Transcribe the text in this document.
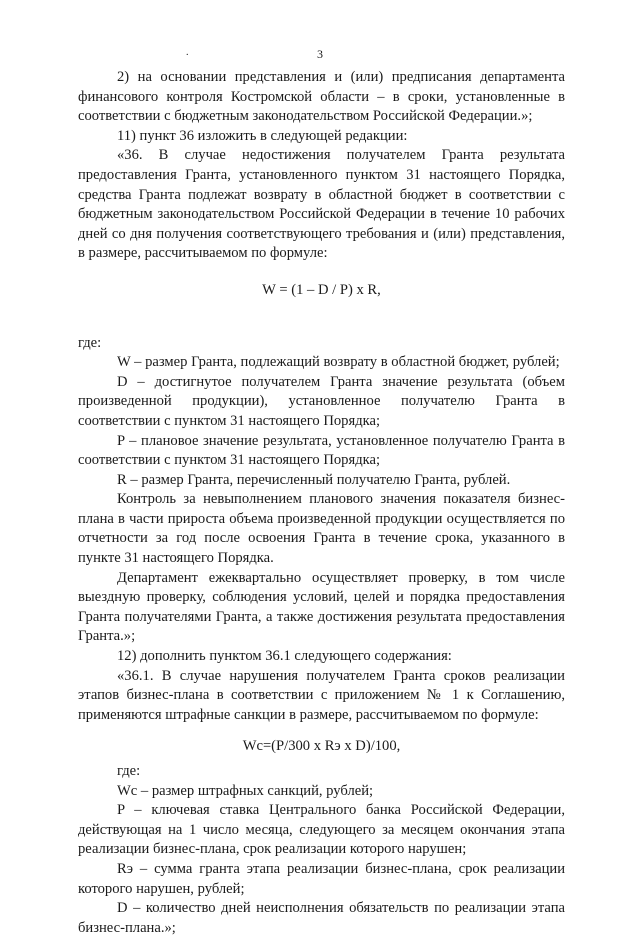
.	3

2) на основании представления и (или) предписания департамента финансового контроля Костромской области – в сроки, установленные в соответствии с бюджетным законодательством Российской Федерации.»;

11) пункт 36 изложить в следующей редакции:

«36. В случае недостижения получателем Гранта результата предоставления Гранта, установленного пунктом 31 настоящего Порядка, средства Гранта подлежат возврату в областной бюджет в соответствии с бюджетным законодательством Российской Федерации в течение 10 рабочих дней со дня получения соответствующего требования и (или) представления, в размере, рассчитываемом по формуле:

W = (1 – D / P) x R,

где:

W – размер Гранта, подлежащий возврату в областной бюджет, рублей;

D – достигнутое получателем Гранта значение результата (объем произведенной продукции), установленное получателю Гранта в соответствии с пунктом 31 настоящего Порядка;

P – плановое значение результата, установленное получателю Гранта в соответствии с пунктом 31 настоящего Порядка;

R – размер Гранта, перечисленный получателю Гранта, рублей.

Контроль за невыполнением планового значения показателя бизнес-плана в части прироста объема произведенной продукции осуществляется по отчетности за год после освоения Гранта в течение срока, указанного в пункте 31 настоящего Порядка.

Департамент ежеквартально осуществляет проверку, в том числе выездную проверку, соблюдения условий, целей и порядка предоставления Гранта получателями Гранта, а также достижения результата предоставления Гранта.»;

12) дополнить пунктом 36.1 следующего содержания:

«36.1. В случае нарушения получателем Гранта сроков реализации этапов бизнес-плана в соответствии с приложением № 1 к Соглашению, применяются штрафные санкции в размере, рассчитываемом по формуле:

Wc=(P/300 x Rэ x D)/100,

где:

Wc – размер штрафных санкций, рублей;

P – ключевая ставка Центрального банка Российской Федерации, действующая на 1 число месяца, следующего за месяцем окончания этапа реализации бизнес-плана, срок реализации которого нарушен;

Rэ – сумма гранта этапа реализации бизнес-плана, срок реализации которого нарушен, рублей;

D – количество дней неисполнения обязательств по реализации этапа бизнес-плана.»;
